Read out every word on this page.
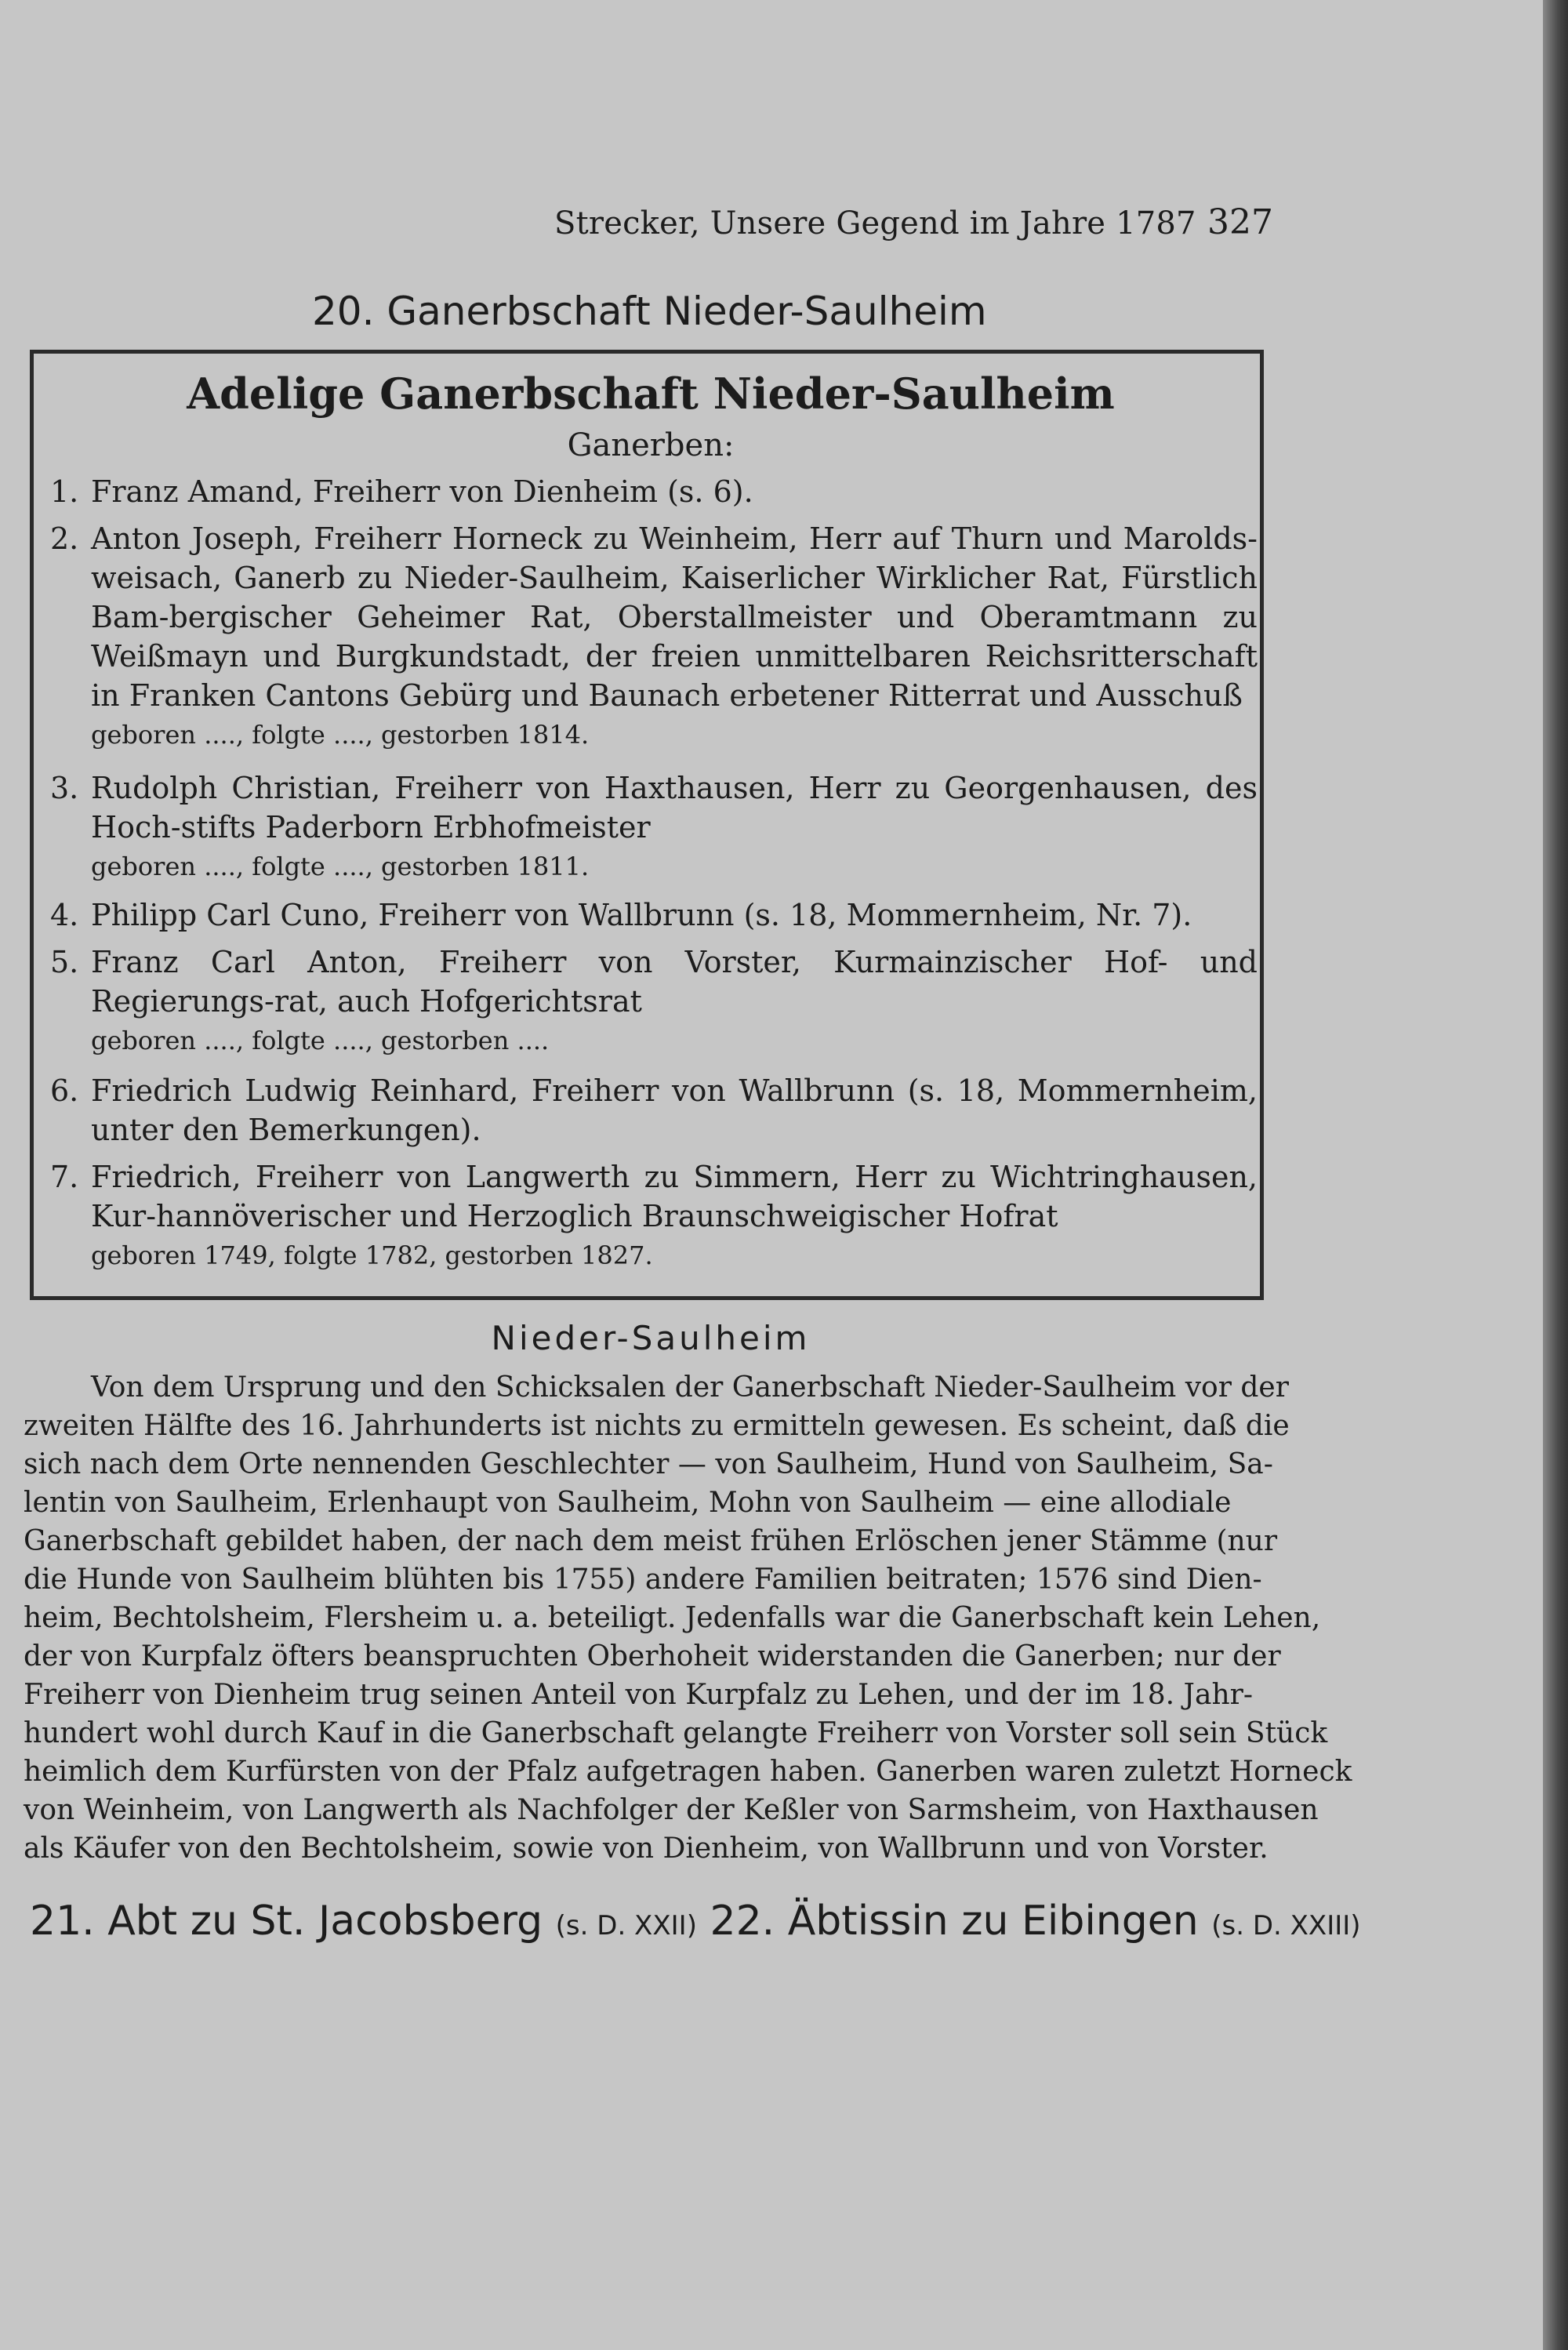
Strecker, Unsere Gegend im Jahre 1787 327
20. Ganerbschaft Nieder-Saulheim
Adelige Ganerbschaft Nieder-Saulheim
Ganerben:
1. Franz Amand, Freiherr von Dienheim (s. 6).
2. Anton Joseph, Freiherr Horneck zu Weinheim, Herr auf Thurn und Marolds-weisach, Ganerb zu Nieder-Saulheim, Kaiserlicher Wirklicher Rat, Fürstlich Bam-bergischer Geheimer Rat, Oberstallmeister und Oberamtmann zu Weißmayn und Burgkundstadt, der freien unmittelbaren Reichsritterschaft in Franken Cantons Gebürg und Baunach erbetener Ritterrat und Ausschuß
geboren ...., folgte ...., gestorben 1814.
3. Rudolph Christian, Freiherr von Haxthausen, Herr zu Georgenhausen, des Hoch-stifts Paderborn Erbhofmeister
geboren ...., folgte ...., gestorben 1811.
4. Philipp Carl Cuno, Freiherr von Wallbrunn (s. 18, Mommernheim, Nr. 7).
5. Franz Carl Anton, Freiherr von Vorster, Kurmainzischer Hof- und Regierungs-rat, auch Hofgerichtsrat
geboren ...., folgte ...., gestorben ....
6. Friedrich Ludwig Reinhard, Freiherr von Wallbrunn (s. 18, Mommernheim, unter den Bemerkungen).
7. Friedrich, Freiherr von Langwerth zu Simmern, Herr zu Wichtringhausen, Kur-hannöverischer und Herzoglich Braunschweigischer Hofrat
geboren 1749, folgte 1782, gestorben 1827.
Nieder-Saulheim
Von dem Ursprung und den Schicksalen der Ganerbschaft Nieder-Saulheim vor der
zweiten Hälfte des 16. Jahrhunderts ist nichts zu ermitteln gewesen. Es scheint, daß die
sich nach dem Orte nennenden Geschlechter — von Saulheim, Hund von Saulheim, Sa-
lentin von Saulheim, Erlenhaupt von Saulheim, Mohn von Saulheim — eine allodiale
Ganerbschaft gebildet haben, der nach dem meist frühen Erlöschen jener Stämme (nur
die Hunde von Saulheim blühten bis 1755) andere Familien beitraten; 1576 sind Dien-
heim, Bechtolsheim, Flersheim u. a. beteiligt. Jedenfalls war die Ganerbschaft kein Lehen,
der von Kurpfalz öfters beanspruchten Oberhoheit widerstanden die Ganerben; nur der
Freiherr von Dienheim trug seinen Anteil von Kurpfalz zu Lehen, und der im 18. Jahr-
hundert wohl durch Kauf in die Ganerbschaft gelangte Freiherr von Vorster soll sein Stück
heimlich dem Kurfürsten von der Pfalz aufgetragen haben. Ganerben waren zuletzt Horneck
von Weinheim, von Langwerth als Nachfolger der Keßler von Sarmsheim, von Haxthausen
als Käufer von den Bechtolsheim, sowie von Dienheim, von Wallbrunn und von Vorster.
21. Abt zu St. Jacobsberg (s. D. XXII) 22. Äbtissin zu Eibingen (s. D. XXIII)
